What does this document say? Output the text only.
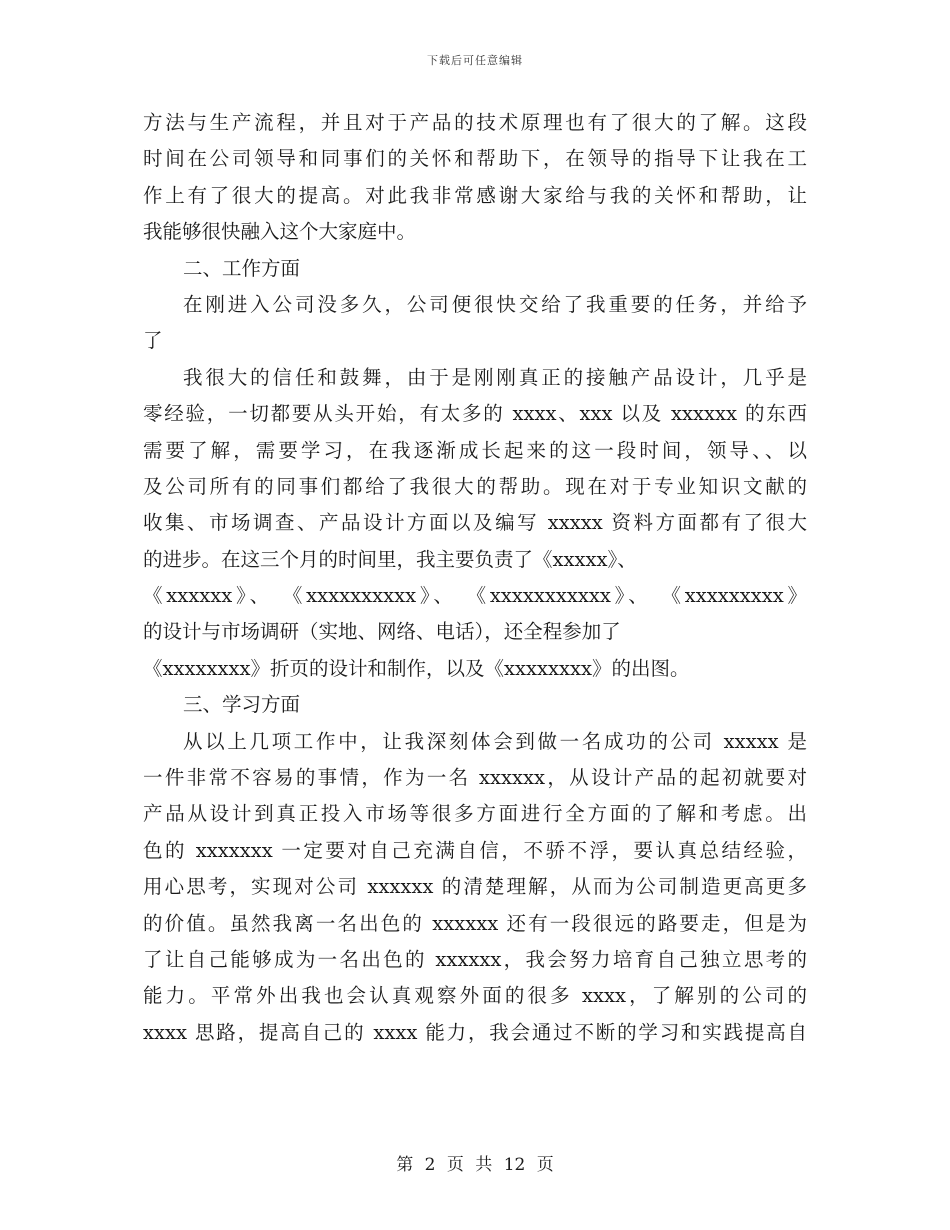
下载后可任意编辑
方法与生产流程，并且对于产品的技术原理也有了很大的了解。这段
时间在公司领导和同事们的关怀和帮助下，在领导的指导下让我在工
作上有了很大的提高。对此我非常感谢大家给与我的关怀和帮助，让
我能够很快融入这个大家庭中。
二、工作方面
在刚进入公司没多久，公司便很快交给了我重要的任务，并给予
了
我很大的信任和鼓舞，由于是刚刚真正的接触产品设计，几乎是
零经验，一切都要从头开始，有太多的 xxxx、xxx 以及 xxxxxx 的东西
需要了解，需要学习，在我逐渐成长起来的这一段时间，领导、、以
及公司所有的同事们都给了我很大的帮助。现在对于专业知识文献的
收集、市场调查、产品设计方面以及编写 xxxxx 资料方面都有了很大
的进步。在这三个月的时间里，我主要负责了《xxxxx》、
《xxxxxx》、 《xxxxxxxxxx》、 《xxxxxxxxxxx》、 《xxxxxxxxx》
的设计与市场调研（实地、网络、电话），还全程参加了
《xxxxxxxx》折页的设计和制作，以及《xxxxxxxx》的出图。
三、学习方面
从以上几项工作中，让我深刻体会到做一名成功的公司 xxxxx 是
一件非常不容易的事情，作为一名 xxxxxx，从设计产品的起初就要对
产品从设计到真正投入市场等很多方面进行全方面的了解和考虑。出
色的 xxxxxxx 一定要对自己充满自信，不骄不浮，要认真总结经验，
用心思考，实现对公司 xxxxxx 的清楚理解，从而为公司制造更高更多
的价值。虽然我离一名出色的 xxxxxx 还有一段很远的路要走，但是为
了让自己能够成为一名出色的 xxxxxx，我会努力培育自己独立思考的
能力。平常外出我也会认真观察外面的很多 xxxx，了解别的公司的
xxxx 思路，提高自己的 xxxx 能力，我会通过不断的学习和实践提高自
第 2 页 共 12 页
